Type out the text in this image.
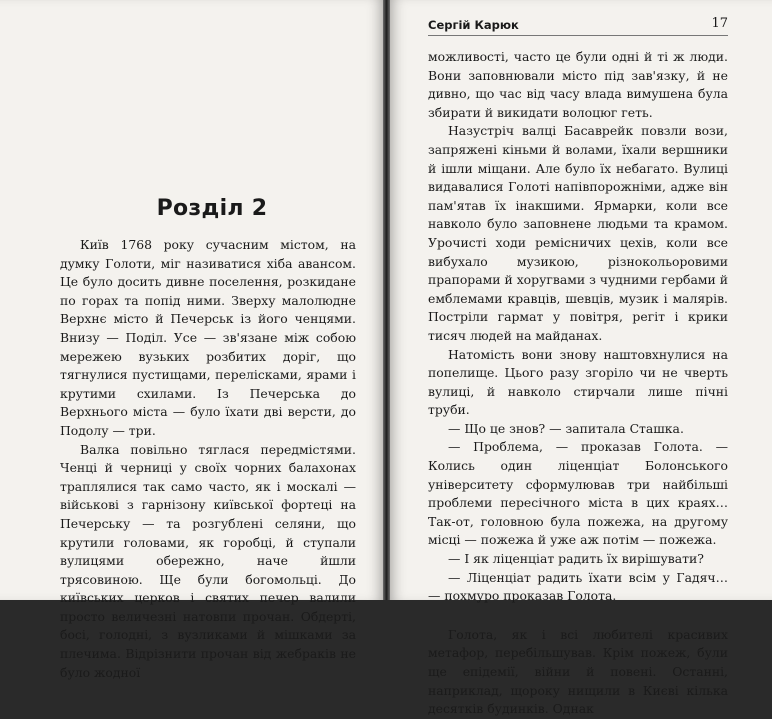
Розділ 2

Київ 1768 року сучасним містом, на думку Голоти, міг називатися хіба авансом. Це було досить дивне поселення, розкидане по горах та попід ними. Зверху малолюдне Верхнє місто й Печерськ із його ченцями. Внизу — Поділ. Усе — зв'язане між собою мережею вузьких розбитих доріг, що тягнулися пустищами, перелісками, ярами і крутими схилами. Із Печерська до Верхнього міста — було їхати дві версти, до Подолу — три.

Валка повільно тяглася передмістями. Ченці й черниці у своїх чорних балахонах траплялися так само часто, як і москалі — військові з гарнізону київської фортеці на Печерську — та розгублені селяни, що крутили головами, як горобці, й ступали вулицями обережно, наче йшли трясовиною. Ще були богомольці. До київських церков і святих печер валили просто величезні натовпи прочан. Обдерті, босі, голодні, з вузликами й мішками за плечима. Відрізнити прочан від жебраків не було жодної

Сергій Карюк	17

можливості, часто це були одні й ті ж люди. Вони заповнювали місто під зав'язку, й не дивно, що час від часу влада вимушена була збирати й викидати волоцюг геть.

Назустріч валці Басаврейк повзли вози, запряжені кіньми й волами, їхали вершники й ішли міщани. Але було їх небагато. Вулиці видавалися Голоті напівпорожніми, адже він пам'ятав їх інакшими. Ярмарки, коли все навколо було заповнене людьми та крамом. Урочисті ходи ремісничих цехів, коли все вибухало музикою, різнокольоровими прапорами й хоругвами з чудними гербами й емблемами кравців, шевців, музик і малярів. Постріли гармат у повітря, регіт і крики тисяч людей на майданах.

Натомість вони знову наштовхнулися на попелище. Цього разу згоріло чи не чверть вулиці, й навколо стирчали лише пічні труби.

— Що це знов? — запитала Сташка.

— Проблема, — проказав Голота. — Колись один ліценціат Болонського університету сформулював три найбільші проблеми пересічного міста в цих краях… Так-от, головною була пожежа, на другому місці — пожежа й уже аж потім — пожежа.

— І як ліценціат радить їх вирішувати?

— Ліценціат радить їхати всім у Гадяч… — похмуро проказав Голота.

Голота, як і всі любителі красивих метафор, перебільшував. Крім пожеж, були ще епідемії, війни й повені. Останні, наприклад, щороку нищили в Києві кілька десятків будинків. Однак
